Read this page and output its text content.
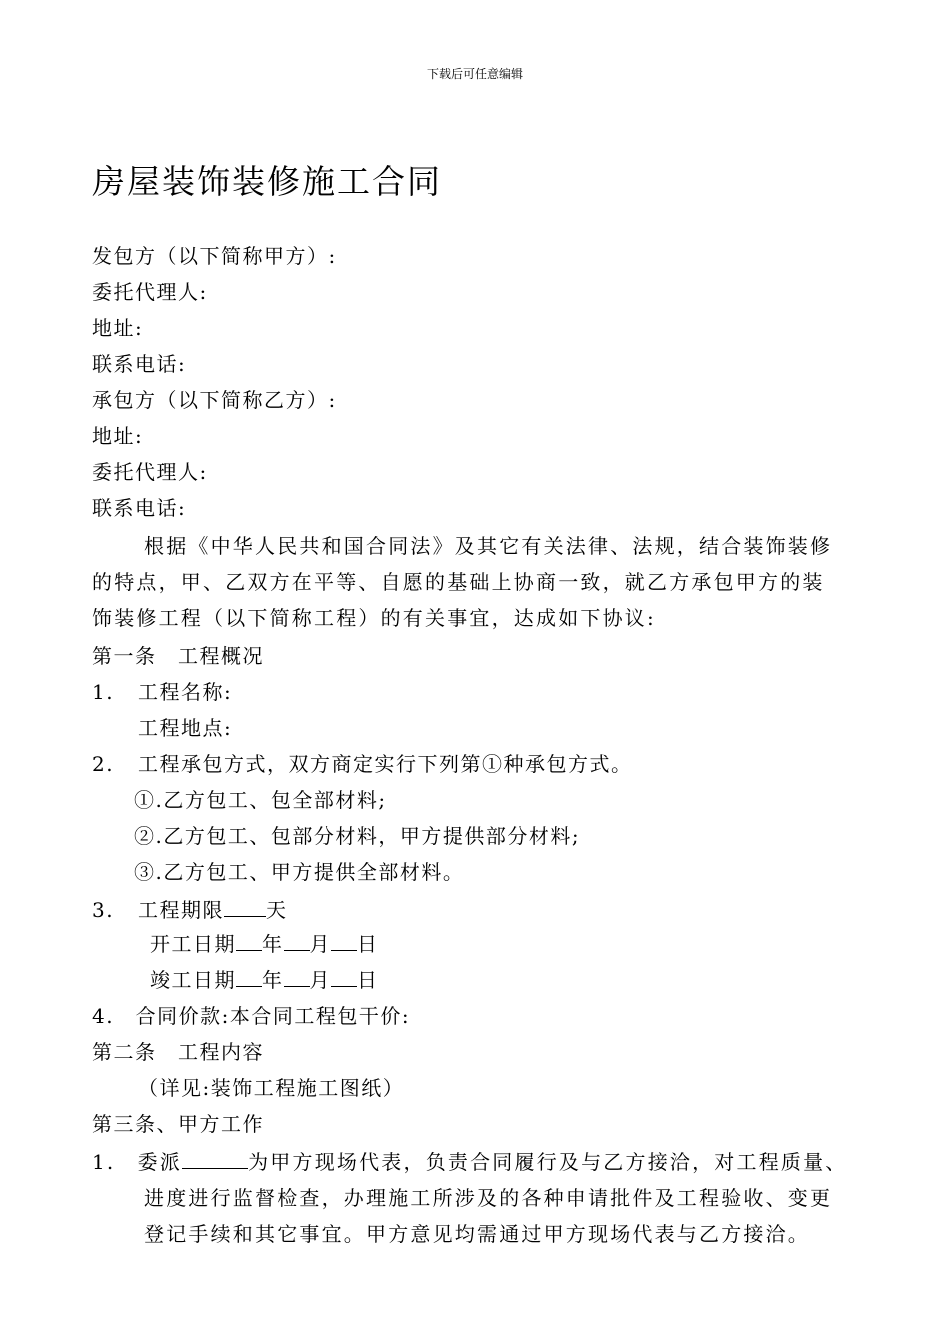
下载后可任意编辑
房屋装饰装修施工合同
发包方（以下简称甲方）:
委托代理人:
地址:
联系电话:
承包方（以下简称乙方）:
地址:
委托代理人:
联系电话:
根据《中华人民共和国合同法》及其它有关法律、法规，结合装饰装修
的特点，甲、乙双方在平等、自愿的基础上协商一致，就乙方承包甲方的装
饰装修工程（以下简称工程）的有关事宜，达成如下协议:
第一条　工程概况
1. 工程名称:
工程地点:
2. 工程承包方式，双方商定实行下列第①种承包方式。
①.乙方包工、包全部材料;
②.乙方包工、包部分材料，甲方提供部分材料;
③.乙方包工、甲方提供全部材料。
3. 工程期限 天
开工日期 年 月 日
竣工日期 年 月 日
4.　合同价款:本合同工程包干价:
第二条　工程内容
（详见:装饰工程施工图纸）
第三条、甲方工作
1.　委派	为甲方现场代表，负责合同履行及与乙方接洽，对工程质量、
进度进行监督检查，办理施工所涉及的各种申请批件及工程验收、变更
登记手续和其它事宜。甲方意见均需通过甲方现场代表与乙方接洽。
